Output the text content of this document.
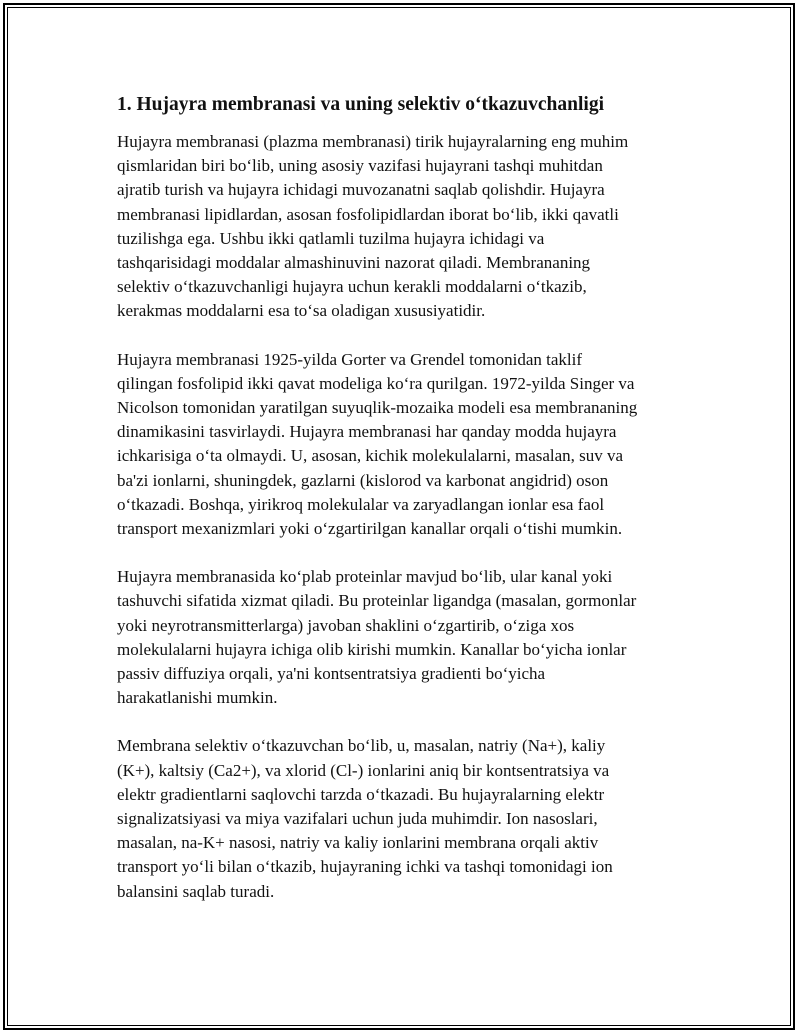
1. Hujayra membranasi va uning selektiv o‘tkazuvchanligi
Hujayra membranasi (plazma membranasi) tirik hujayralarning eng muhim
qismlaridan biri bo‘lib, uning asosiy vazifasi hujayrani tashqi muhitdan
ajratib turish va hujayra ichidagi muvozanatni saqlab qolishdir. Hujayra
membranasi lipidlardan, asosan fosfolipidlardan iborat bo‘lib, ikki qavatli
tuzilishga ega. Ushbu ikki qatlamli tuzilma hujayra ichidagi va
tashqarisidagi moddalar almashinuvini nazorat qiladi. Membrananing
selektiv o‘tkazuvchanligi hujayra uchun kerakli moddalarni o‘tkazib,
kerakmas moddalarni esa to‘sa oladigan xususiyatidir.
Hujayra membranasi 1925-yilda Gorter va Grendel tomonidan taklif
qilingan fosfolipid ikki qavat modeliga ko‘ra qurilgan. 1972-yilda Singer va
Nicolson tomonidan yaratilgan suyuqlik-mozaika modeli esa membrananing
dinamikasini tasvirlaydi. Hujayra membranasi har qanday modda hujayra
ichkarisiga o‘ta olmaydi. U, asosan, kichik molekulalarni, masalan, suv va
ba'zi ionlarni, shuningdek, gazlarni (kislorod va karbonat angidrid) oson
o‘tkazadi. Boshqa, yirikroq molekulalar va zaryadlangan ionlar esa faol
transport mexanizmlari yoki o‘zgartirilgan kanallar orqali o‘tishi mumkin.
Hujayra membranasida ko‘plab proteinlar mavjud bo‘lib, ular kanal yoki
tashuvchi sifatida xizmat qiladi. Bu proteinlar ligandga (masalan, gormonlar
yoki neyrotransmitterlarga) javoban shaklini o‘zgartirib, o‘ziga xos
molekulalarni hujayra ichiga olib kirishi mumkin. Kanallar bo‘yicha ionlar
passiv diffuziya orqali, ya'ni kontsentratsiya gradienti bo‘yicha
harakatlanishi mumkin.
Membrana selektiv o‘tkazuvchan bo‘lib, u, masalan, natriy (Na+), kaliy
(K+), kaltsiy (Ca2+), va xlorid (Cl-) ionlarini aniq bir kontsentratsiya va
elektr gradientlarni saqlovchi tarzda o‘tkazadi. Bu hujayralarning elektr
signalizatsiyasi va miya vazifalari uchun juda muhimdir. Ion nasoslari,
masalan, na-K+ nasosi, natriy va kaliy ionlarini membrana orqali aktiv
transport yo‘li bilan o‘tkazib, hujayraning ichki va tashqi tomonidagi ion
balansini saqlab turadi.
